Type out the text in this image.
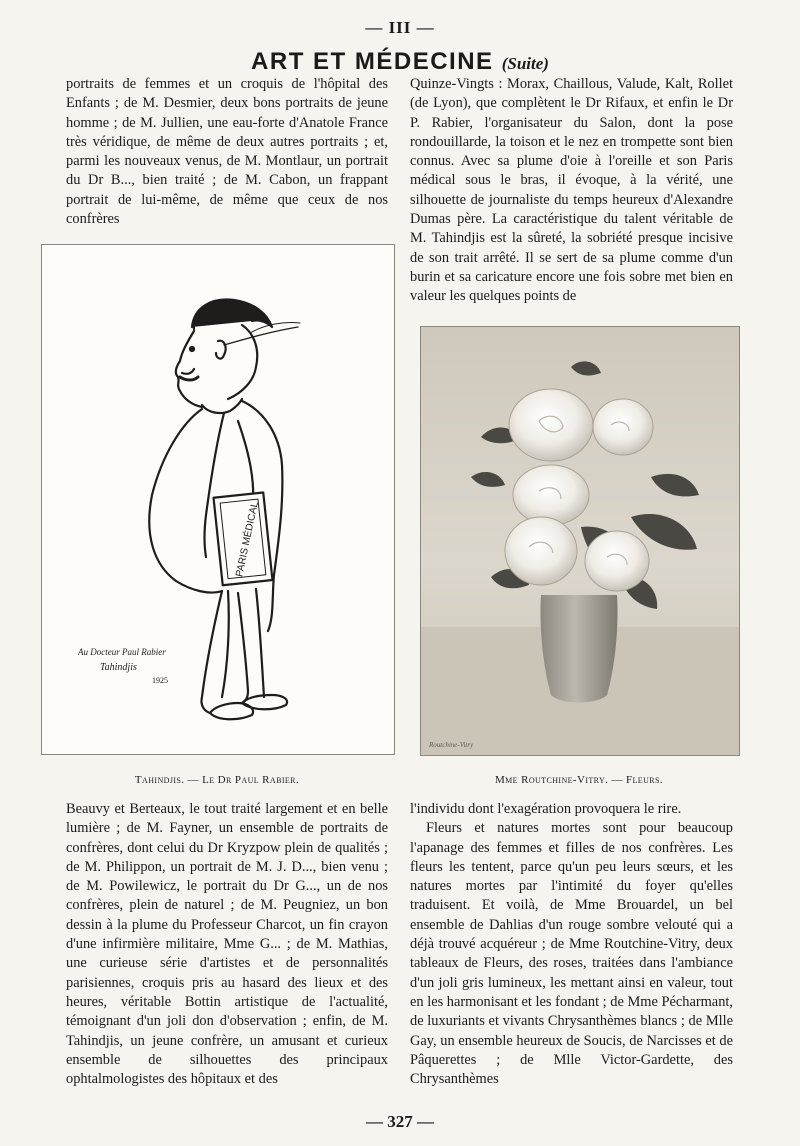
— III —
ART ET MÉDECINE (Suite)

portraits de femmes et un croquis de l'hôpital des Enfants ; de M. Desmier, deux bons portraits de jeune homme ; de M. Jullien, une eau-forte d'Anatole France très véridique, de même de deux autres portraits ; et, parmi les nouveaux venus, de M. Montlaur, un portrait du Dr B..., bien traité ; de M. Cabon, un frappant portrait de lui-même, de même que ceux de nos confrères

Quinze-Vingts : Morax, Chaillous, Valude, Kalt, Rollet (de Lyon), que complètent le Dr Rifaux, et enfin le Dr P. Rabier, l'organisateur du Salon, dont la pose rondouillarde, la toison et le nez en trompette sont bien connus. Avec sa plume d'oie à l'oreille et son Paris médical sous le bras, il évoque, à la vérité, une silhouette de journaliste du temps heureux d'Alexandre Dumas père. La caractéristique du talent véritable de M. Tahindjis est la sûreté, la sobriété presque incisive de son trait arrêté. Il se sert de sa plume comme d'un burin et sa caricature encore une fois sobre met bien en valeur les quelques points de

PARIS MÉDICAL
Au Docteur Paul Rabier
Tahindjis
1925
Routchine-Vitry
Tahindjis. — Le Dr Paul Rabier.	Mme Routchine-Vitry. — Fleurs.

Beauvy et Berteaux, le tout traité largement et en belle lumière ; de M. Fayner, un ensemble de portraits de confrères, dont celui du Dr Kryzpow plein de qualités ; de M. Philippon, un portrait de M. J. D..., bien venu ; de M. Powilewicz, le portrait du Dr G..., un de nos confrères, plein de naturel ; de M. Peugniez, un bon dessin à la plume du Professeur Charcot, un fin crayon d'une infirmière militaire, Mme G... ; de M. Mathias, une curieuse série d'artistes et de personnalités parisiennes, croquis pris au hasard des lieux et des heures, véritable Bottin artistique de l'actualité, témoignant d'un joli don d'observation ; enfin, de M. Tahindjis, un jeune confrère, un amusant et curieux ensemble de silhouettes des principaux ophtalmologistes des hôpitaux et des

l'individu dont l'exagération provoquera le rire.

Fleurs et natures mortes sont pour beaucoup l'apanage des femmes et filles de nos confrères. Les fleurs les tentent, parce qu'un peu leurs sœurs, et les natures mortes par l'intimité du foyer qu'elles traduisent. Et voilà, de Mme Brouardel, un bel ensemble de Dahlias d'un rouge sombre velouté qui a déjà trouvé acquéreur ; de Mme Routchine-Vitry, deux tableaux de Fleurs, des roses, traitées dans l'ambiance d'un joli gris lumineux, les mettant ainsi en valeur, tout en les harmonisant et les fondant ; de Mme Pécharmant, de luxuriants et vivants Chrysanthèmes blancs ; de Mlle Gay, un ensemble heureux de Soucis, de Narcisses et de Pâquerettes ; de Mlle Victor-Gardette, des Chrysanthèmes

— 327 —
